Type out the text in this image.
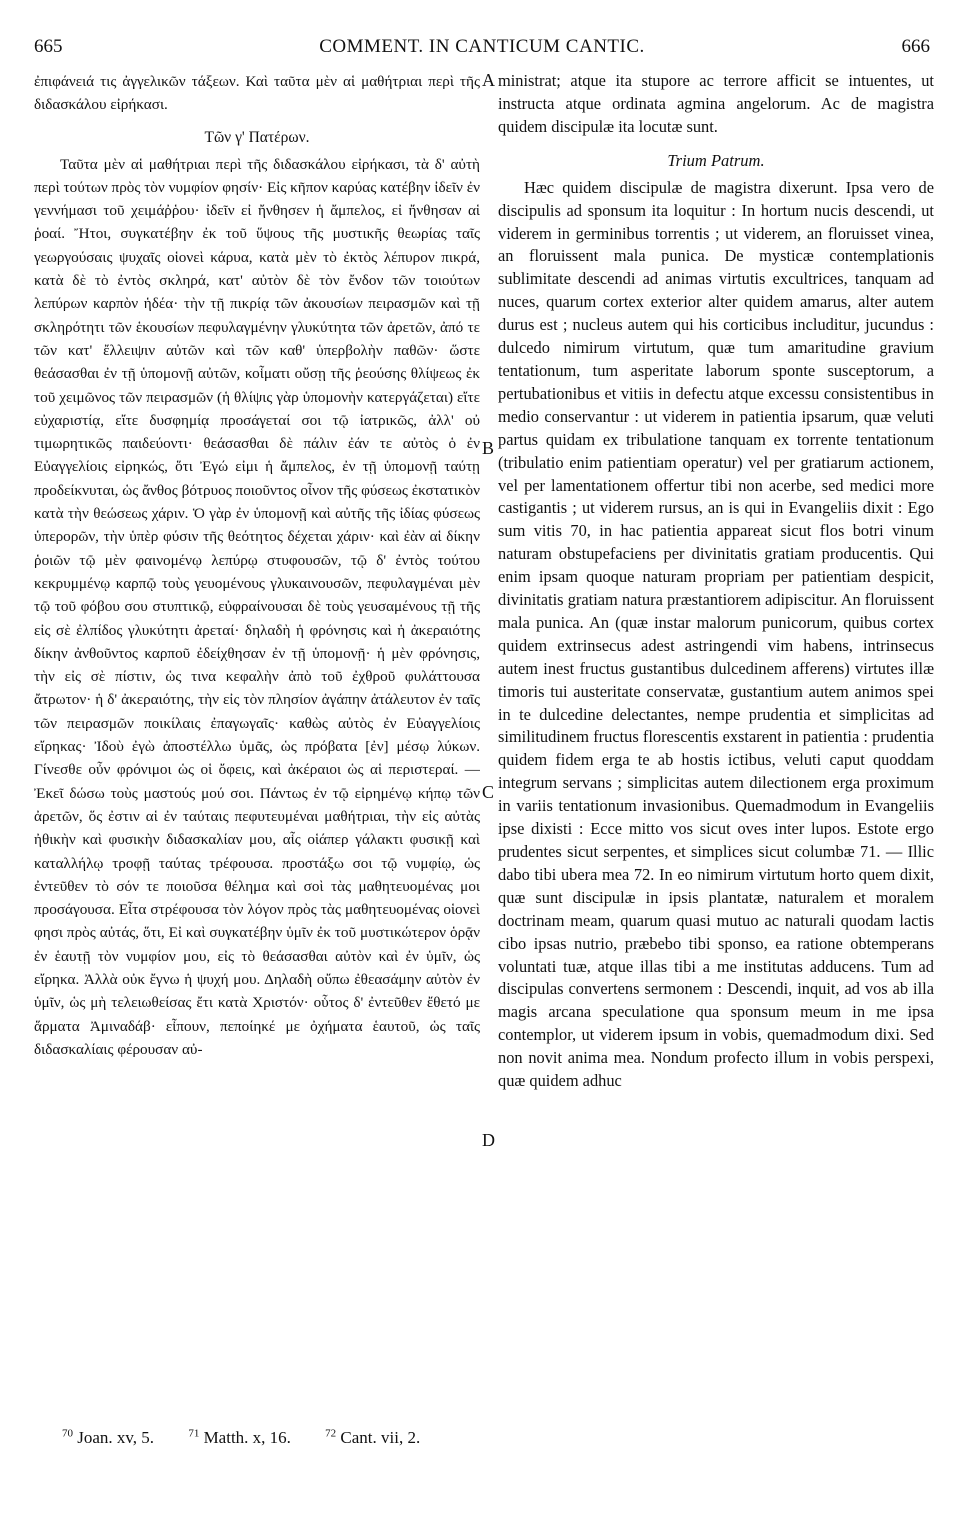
665	COMMENT. IN CANTICUM CANTIC.	666

ἐπιφάνειά τις ἀγγελικῶν τάξεων. Καὶ ταῦτα μὲν αἱ μαθήτριαι περὶ τῆς διδασκάλου εἰρήκασι.

Τῶν γ' Πατέρων.

Ταῦτα μὲν αἱ μαθήτριαι περὶ τῆς διδασκάλου εἰρήκασι, τὰ δ' αὐτὴ περὶ τούτων πρὸς τὸν νυμφίον φησίν· Εἰς κῆπον καρύας κατέβην ἰδεῖν ἐν γεννήμασι τοῦ χειμάῤῥου· ἰδεῖν εἰ ἤνθησεν ἡ ἄμπελος, εἰ ἤνθησαν αἱ ῥοαί. Ἤτοι, συγκατέβην ἐκ τοῦ ὕψους τῆς μυστικῆς θεωρίας ταῖς γεωργούσαις ψυχαῖς οἱονεὶ κάρυα, κατὰ μὲν τὸ ἐκτὸς λέπυρον πικρά, κατὰ δὲ τὸ ἐντὸς σκληρά, κατ' αὐτὸν δὲ τὸν ἔνδον τῶν τοιούτων λεπύρων καρπὸν ἡδέα· τὴν τῇ πικρίᾳ τῶν ἀκουσίων πειρασμῶν καὶ τῇ σκληρότητι τῶν ἑκουσίων πεφυλαγμένην γλυκύτητα τῶν ἀρετῶν, ἀπό τε τῶν κατ' ἔλλειψιν αὐτῶν καὶ τῶν καθ' ὑπερβολὴν παθῶν· ὥστε θεάσασθαι ἐν τῇ ὑπομονῇ αὐτῶν, κοἷματι οὔσῃ τῆς ῥεούσης θλίψεως ἐκ τοῦ χειμῶνος τῶν πειρασμῶν (ἡ θλίψις γὰρ ὑπομονὴν κατεργάζεται) εἴτε εὐχαριστίᾳ, εἴτε δυσφημίᾳ προσάγεταί σοι τῷ ἰατρικῶς, ἀλλ' οὐ τιμωρητικῶς παιδεύοντι· θεάσασθαι δὲ πάλιν ἐάν τε αὐτὸς ὁ ἐν Εὐαγγελίοις εἰρηκώς, ὅτι Ἐγώ εἰμι ἡ ἄμπελος, ἐν τῇ ὑπομονῇ ταύτῃ προδείκνυται, ὡς ἄνθος βότρυος ποιοῦντος οἶνον τῆς φύσεως ἐκστατικὸν κατὰ τὴν θεώσεως χάριν. Ὁ γὰρ ἐν ὑπομονῇ καὶ αὐτῆς τῆς ἰδίας φύσεως ὑπερορῶν, τὴν ὑπὲρ φύσιν τῆς θεότητος δέχεται χάριν· καὶ ἐὰν αἱ δίκην ῥοιῶν τῷ μὲν φαινομένῳ λεπύρῳ στυφουσῶν, τῷ δ' ἐντὸς τούτου κεκρυμμένῳ καρπῷ τοὺς γευομένους γλυκαινουσῶν, πεφυλαγμέναι μὲν τῷ τοῦ φόβου σου στυπτικῷ, εὐφραίνουσαι δὲ τοὺς γευσαμένους τῇ τῆς εἰς σὲ ἐλπίδος γλυκύτητι ἀρεταί· δηλαδὴ ἡ φρόνησις καὶ ἡ ἀκεραιότης δίκην ἀνθοῦντος καρποῦ ἐδείχθησαν ἐν τῇ ὑπομονῇ· ἡ μὲν φρόνησις, τὴν εἰς σὲ πίστιν, ὡς τινα κεφαλὴν ἀπὸ τοῦ ἐχθροῦ φυλάττουσα ἄτρωτον· ἡ δ' ἀκεραιότης, τὴν εἰς τὸν πλησίον ἀγάπην ἀτάλευτον ἐν ταῖς τῶν πειρασμῶν ποικίλαις ἐπαγωγαῖς· καθὼς αὐτὸς ἐν Εὐαγγελίοις εἴρηκας· Ἰδοὺ ἐγὼ ἀποστέλλω ὑμᾶς, ὡς πρόβατα [ἐν] μέσῳ λύκων. Γίνεσθε οὖν φρόνιμοι ὡς οἱ ὄφεις, καὶ ἀκέραιοι ὡς αἱ περιστεραί. — Ἐκεῖ δώσω τοὺς μαστούς μού σοι. Πάντως ἐν τῷ εἰρημένῳ κήπῳ τῶν ἀρετῶν, ὅς ἐστιν αἱ ἐν ταύταις πεφυτευμέναι μαθήτριαι, τὴν εἰς αὐτὰς ἠθικὴν καὶ φυσικὴν διδασκαλίαν μου, αἷς οἱάπερ γάλακτι φυσικῇ καὶ καταλλήλῳ τροφῇ ταύτας τρέφουσα. προστάξω σοι τῷ νυμφίῳ, ὡς ἐντεῦθεν τὸ σόν τε ποιοῦσα θέλημα καὶ σοὶ τὰς μαθητευομένας μοι προσάγουσα. Εἶτα στρέφουσα τὸν λόγον πρὸς τὰς μαθητευομένας οἱονεὶ φησι πρὸς αὐτάς, ὅτι, Εἰ καὶ συγκατέβην ὑμῖν ἐκ τοῦ μυστικώτερον ὁρᾷν ἐν ἑαυτῇ τὸν νυμφίον μου, εἰς τὸ θεάσασθαι αὐτὸν καὶ ἐν ὑμῖν, ὡς εἴρηκα. Ἀλλὰ οὐκ ἔγνω ἡ ψυχή μου. Δηλαδὴ οὔπω ἐθεασάμην αὐτὸν ἐν ὑμῖν, ὡς μὴ τελειωθείσας ἔτι κατὰ Χριστόν· οὗτος δ' ἐντεῦθεν ἔθετό με ἅρματα Ἀμιναδάβ· εἶπουν, πεποίηκέ με ὀχήματα ἑαυτοῦ, ὡς ταῖς διδασκαλίαις φέρουσαν αὐ-

A
B
C
D

ministrat; atque ita stupore ac terrore afficit se intuentes, ut instructa atque ordinata agmina angelorum. Ac de magistra quidem discipulæ ita locutæ sunt.

Trium Patrum.

Hæc quidem discipulæ de magistra dixerunt. Ipsa vero de discipulis ad sponsum ita loquitur : In hortum nucis descendi, ut viderem in germinibus torrentis ; ut viderem, an floruisset vinea, an floruissent mala punica. De mysticæ contemplationis sublimitate descendi ad animas virtutis excultrices, tanquam ad nuces, quarum cortex exterior alter quidem amarus, alter autem durus est ; nucleus autem qui his corticibus includitur, jucundus : dulcedo nimirum virtutum, quæ tum amaritudine gravium tentationum, tum asperitate laborum sponte susceptorum, a pertubationibus et vitiis in defectu atque excessu consistentibus in medio conservantur : ut viderem in patientia ipsarum, quæ veluti partus quidam ex tribulatione tanquam ex torrente tentationum (tribulatio enim patientiam operatur) vel per gratiarum actionem, vel per lamentationem offertur tibi non acerbe, sed medici more castigantis ; ut viderem rursus, an is qui in Evangeliis dixit : Ego sum vitis 70, in hac patientia appareat sicut flos botri vinum naturam obstupefaciens per divinitatis gratiam producentis. Qui enim ipsam quoque naturam propriam per patientiam despicit, divinitatis gratiam natura præstantiorem adipiscitur. An floruissent mala punica. An (quæ instar malorum punicorum, quibus cortex quidem extrinsecus adest astringendi vim habens, intrinsecus autem inest fructus gustantibus dulcedinem afferens) virtutes illæ timoris tui austeritate conservatæ, gustantium autem animos spei in te dulcedine delectantes, nempe prudentia et simplicitas ad similitudinem fructus florescentis exstarent in patientia : prudentia quidem fidem erga te ab hostis ictibus, veluti caput quoddam integrum servans ; simplicitas autem dilectionem erga proximum in variis tentationum invasionibus. Quemadmodum in Evangeliis ipse dixisti : Ecce mitto vos sicut oves inter lupos. Estote ergo prudentes sicut serpentes, et simplices sicut columbæ 71. — Illic dabo tibi ubera mea 72. In eo nimirum virtutum horto quem dixit, quæ sunt discipulæ in ipsis plantatæ, naturalem et moralem doctrinam meam, quarum quasi mutuo ac naturali quodam lactis cibo ipsas nutrio, præbebo tibi sponso, ea ratione obtemperans voluntati tuæ, atque illas tibi a me institutas adducens. Tum ad discipulas convertens sermonem : Descendi, inquit, ad vos ab illa magis arcana speculatione qua sponsum meum in me ipsa contemplor, ut viderem ipsum in vobis, quemadmodum dixi. Sed non novit anima mea. Nondum profecto illum in vobis perspexi, quæ quidem adhuc

$^{70}$ Joan. xv, 5.	$^{71}$ Matth. x, 16.	$^{72}$ Cant. vii, 2.
